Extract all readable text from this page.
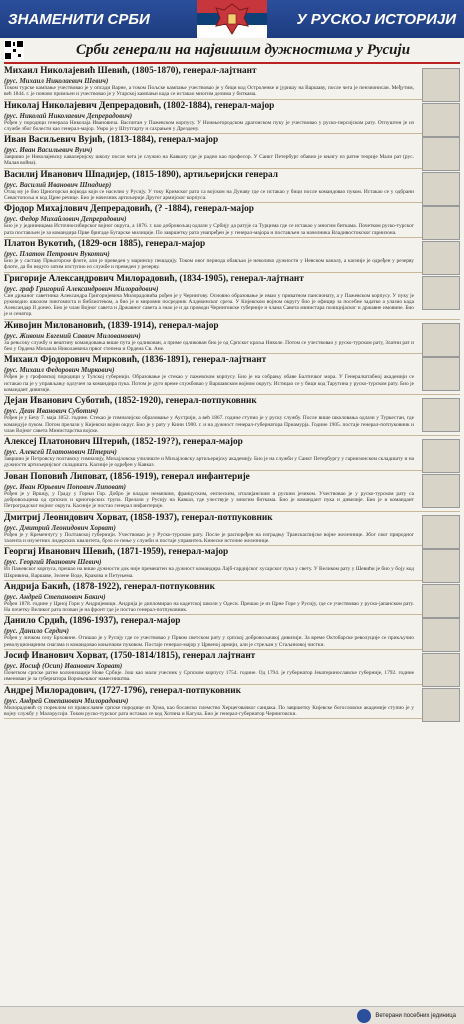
ЗНАМЕНИТИ СРБИ	У РУСКОЈ ИСТОРИЈИ
Срби генерали на највишим дужностима у Русији
Михаил Николајевић Шевић, (1805-1870), генерал-лајтнант
(рус. Михаил Николаевич Шевич)
Током турске кампање учествовао је у опсади Варне, а током Пољске кампање учествовао је у бици код Остроленке и јуришу на Варшаву, после чега је пензионисан. Међутим, већ 1844. г. је поново примљен и учествовао је у Угарској кампањи када се истакао многим делима у биткама.
Николај Николајевич Депрерадовић, (1802-1884), генерал-мајор
(рус. Николай Николаевич Депрерадович)
Рођен у породици генерала Николаја Ивановича. Васпитан у Пажевском корпусу. У Нижњегородском драгонском пуку је учествовао у руско-персијском рату. Отпуштен је из службе због болести као генерал-мајор. Умро је у Штутгарту и сахрањен у Дрездену.
Иван Васиљевич Вујић, (1813-1884), генерал-мајор
(рус. Иван Васильевич Вуич)
Завршио је Николајевску кавалеријску школу после чега је служио на Кавказу где је радио као професор. У Санкт Петербург обавио је књигу из ратне теорије Мали рат (рус. Малая война).
Василиј Иванович Шпадијер, (1815-1890), артиљеријски генерал
(рус. Василий Иванович Шпадиер)
Отац му је био Црногорски војвода који се населио у Русију. У току Кримског рата са војском на Дунаву где се истакао у бици после командовао пуком. Истакао се у одбрани Севастопоља и код Црне речице. Био је начелник артиљерије Другог армијског корпуса.
Фјодор Михајлович Депрерадовић, (? -1884), генерал-мајор
(рус. Федор Михайлович Депрерадович)
Био је у једииницама Источносибирског војног округа, а 1876. г. као добровољац одлази у Србију да ратује са Турцима где се истакао у многим биткама. Почетком руско-турског рата постављен је за командира Прве бригаде Бугарске милиције. По завршетку рата унапређен је у генерал-мајора и постављен за начелника Владивостокског гарнизона.
Платон Вукотић, (1829-осн 1885), генерал-мајор
(рус. Платон Петрович Вукотич)
Био је у саставу Прњогорске флоте, али је преведен у маринску пешадију. Током овог периода обављао је неколико дужности у Невском каналу, а касније је одређен у резерву флоте, да би недуго затим изступио из службе и преведен у резерву.
Григорије Александрович Милорадовић, (1834-1905), генерал-лајтнант
(рус. граф Григорий Александрович Милорадович)
Син држаног саветника Александра Григоријевича Милорадовића рођен је у Чернигову. Основно образовање је имао у приватном пансионату, а у Пажевском корпусу. У пуку је руководио школом пиктомиста и библиотеком, а био је и мировни посредник Алдевинског среза. У Кијевском војном округу био је официр за посебне задатке а улазио када Александар II донео. Био је члан Војног савета и Државног савета а знао је и да проводи Черниговске губерније и члана Савета министара полицијаског и државне имовине. Био је и сенатор.
Живојин Миловановић, (1839-1914), генерал-мајор
(рус. Живоин Евгений Саввич Милованович)
За рењсоку службу и вештину командовања више пута је одликован, а приме одликован био је од Српског краља Николе. Потом се учествовао у руско-турском рату, Златни рат и био у Ордена Михаила Николаевича првог степена и Ордена Св. Ане.
Михаил Фјодорович Мирковић, (1836-1891), генерал-лајтнант
(рус. Михаил Федорович Миркович)
Рођен је у грофовској породици у Тулској губернији. Образовање је стекао у пажевском корпусу. Био је на собрању обаве Балтичког мора. У Генералштабној академији се истакао па је у управљању одлучен за командира пука. Потом је дуго време службовао у Варшавском војном округу. Истицао се у бици код Тарутина у руско-турском рату. Био је командант дивизије.
Дејан Иванович Суботић, (1852-1920), генерал-потпуковник
(рус. Деан Иванович Суботич)
Рођен је у Бечу 7. маја 1852. године. Стекао је гимназијско образовање у Аустрији, а већ 1867. године ступио је у руску службу. После више школовања одлази у Туркестан, где командује пуком. Потом прелази у Кијевски војни округ. Био је у рату у Кини 1900. г. и на дужност генерал-губернатора Приамурја. Године 1905. постаје генерал-потпуковник и члан Војног савета Министарства војске.
Алексеј Платонович Штерић, (1852-19??), генерал-мајор
(рус. Алексей Платонович Штерич)
Завршио је Петровску полтавску гимназију, Михајловско училиште и Михајловску артиљеријску академију. Био је на служби у Санкт Петербургу у гарнизонском складишту и на дужности артиљеријског складишта. Касније је одређен у Кавказ.
Јован Поповић Липоват, (1856-1919), генерал инфантерије
(рус. Иван Юрьевич Попович Липоват)
Рођен је у Вршцу, у Граду у Горњи Гор. Добро је владао немачким, француским, енглеским, италијанским и руским језиком. Учествовао је у руско-турском рату са добровољцима од српских и црногорских трупа. Прелази у Русију на Кавказ, где учествује у многим биткама. Био је командант пука и дивизије. Био је и командант Петроградског војног округа. Касније је постао генерал инфантерије.
Дмитриј Леонидович Хорват, (1858-1937), генерал-потпуковник
(рус. Дмитрий Леонидович Хорват)
Рођен је у Кременчугу у Полтавској губернији. Учествовао је у Руско-турском рату. После је распоређен на изградњу Транскаспијске војне железнице. Због свог природног талента и изузетних лидерских квалитета, брзо се пење у служби и постаје управитељ Кинеске источне железнице.
Георгиј Иванович Шевић, (1871-1959), генерал-мајор
(рус. Георгий Иванович Шевич)
Из Пажевског корпуса, прешао на више дужности док није премештен на дужност командира Лајб-гардијског хусарског пука у свету. У Великом рату у Шевићи је био у боју код Шкривина, Варшаве, Зелене Воде, Кракова и Петуњема.
Андрија Бакић, (1878-1922), генерал-потпуковник
(рус. Андрей Степанович Бакич)
Рођен 1878. године у Црној Гори у Андријевици. Андрија је дипломирао на кадетској школи у Одеси. Прешао је из Црне Горе у Русију, где се учествовао у руско-јапанском рату. На почетку Великог рата позван је на фронт где је постао генерал-потпуковник.
Данило Срдић, (1896-1937), генерал-мајор
(рус. Данило Сердич)
Рођен у личком селу Брховине. Отишао је у Русију где се учествовао у Првом светском рату у српској добровољачкој дивизији. За време Октобарске револуције се прикључио револуционарним снагама и командовао коњичким пуковом. Постаје генерал-мајор у Црвеној армији, али је стрељан у Стаљиновој чистки.
Јосиф Иванович Хорват, (1750-1814/1815), генерал лајтнант
(рус. Иосиф (Осип) Иванович Хорват)
Почетком српске ратне колонизације Нове Србије. Још као мали учесник у Српском корпусу 1754. године. Од 1794. је губернатор Јекатеринославске губерније, 1792. године именован је за губернатора Вороњешког намесништва.
Андреј Милорадович, (1727-1796), генерал-потпуковник
(рус. Андрей Степанович Милорадович)
Милорадовић су пореклом из православне српске породице из Хума, као босанско племство Херцеговачког санџака. По завршетку Кијевске богословске академије ступио је у војну службу у Малорусији. Током руско-турског рата истакао се код Хотина и Кагула. Био је генерал-губернатор Черниговски.
Ветерани посебних јединица
